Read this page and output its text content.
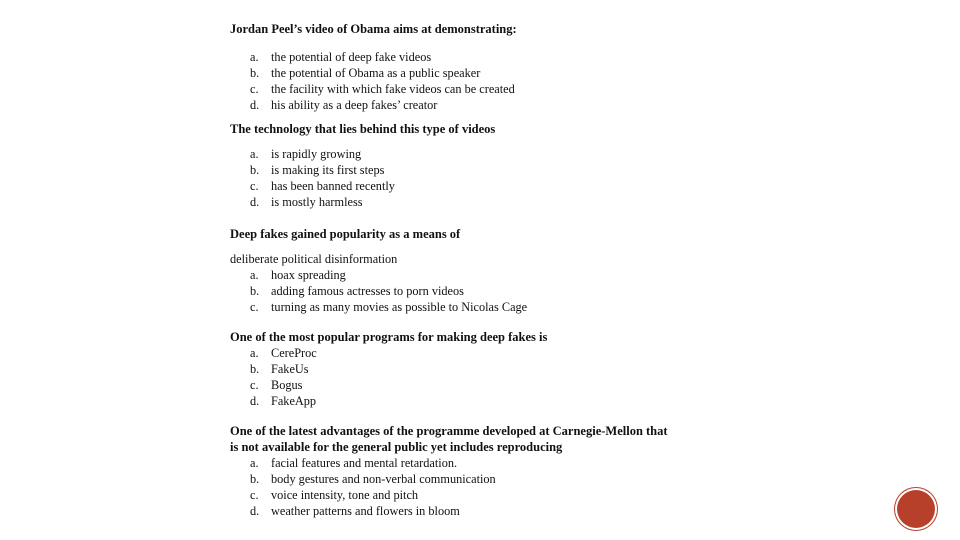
Jordan Peel’s video of Obama aims at demonstrating:

a.	the potential of deep fake videos
b. the potential of Obama as a public speaker
c.	the facility with which fake videos can be created
d. his ability as a deep fakes’ creator

The technology that lies behind this type of videos

a.	is rapidly growing
b. is making its first steps
c.	has been banned recently
d. is mostly harmless

Deep fakes gained popularity as a means of

deliberate political disinformation

a.	hoax spreading
b. adding famous actresses to porn videos
c.	turning as many movies as possible to Nicolas Cage

One of the most popular programs for making deep fakes is

a.	CereProc
b. FakeUs
c.	Bogus
d. FakeApp

One of the latest advantages of the programme developed at Carnegie-Mellon that

is not available for the general public yet includes reproducing

a.	facial features and mental retardation.
b. body gestures and non-verbal communication
c.	voice intensity, tone and pitch
d. weather patterns and flowers in bloom
